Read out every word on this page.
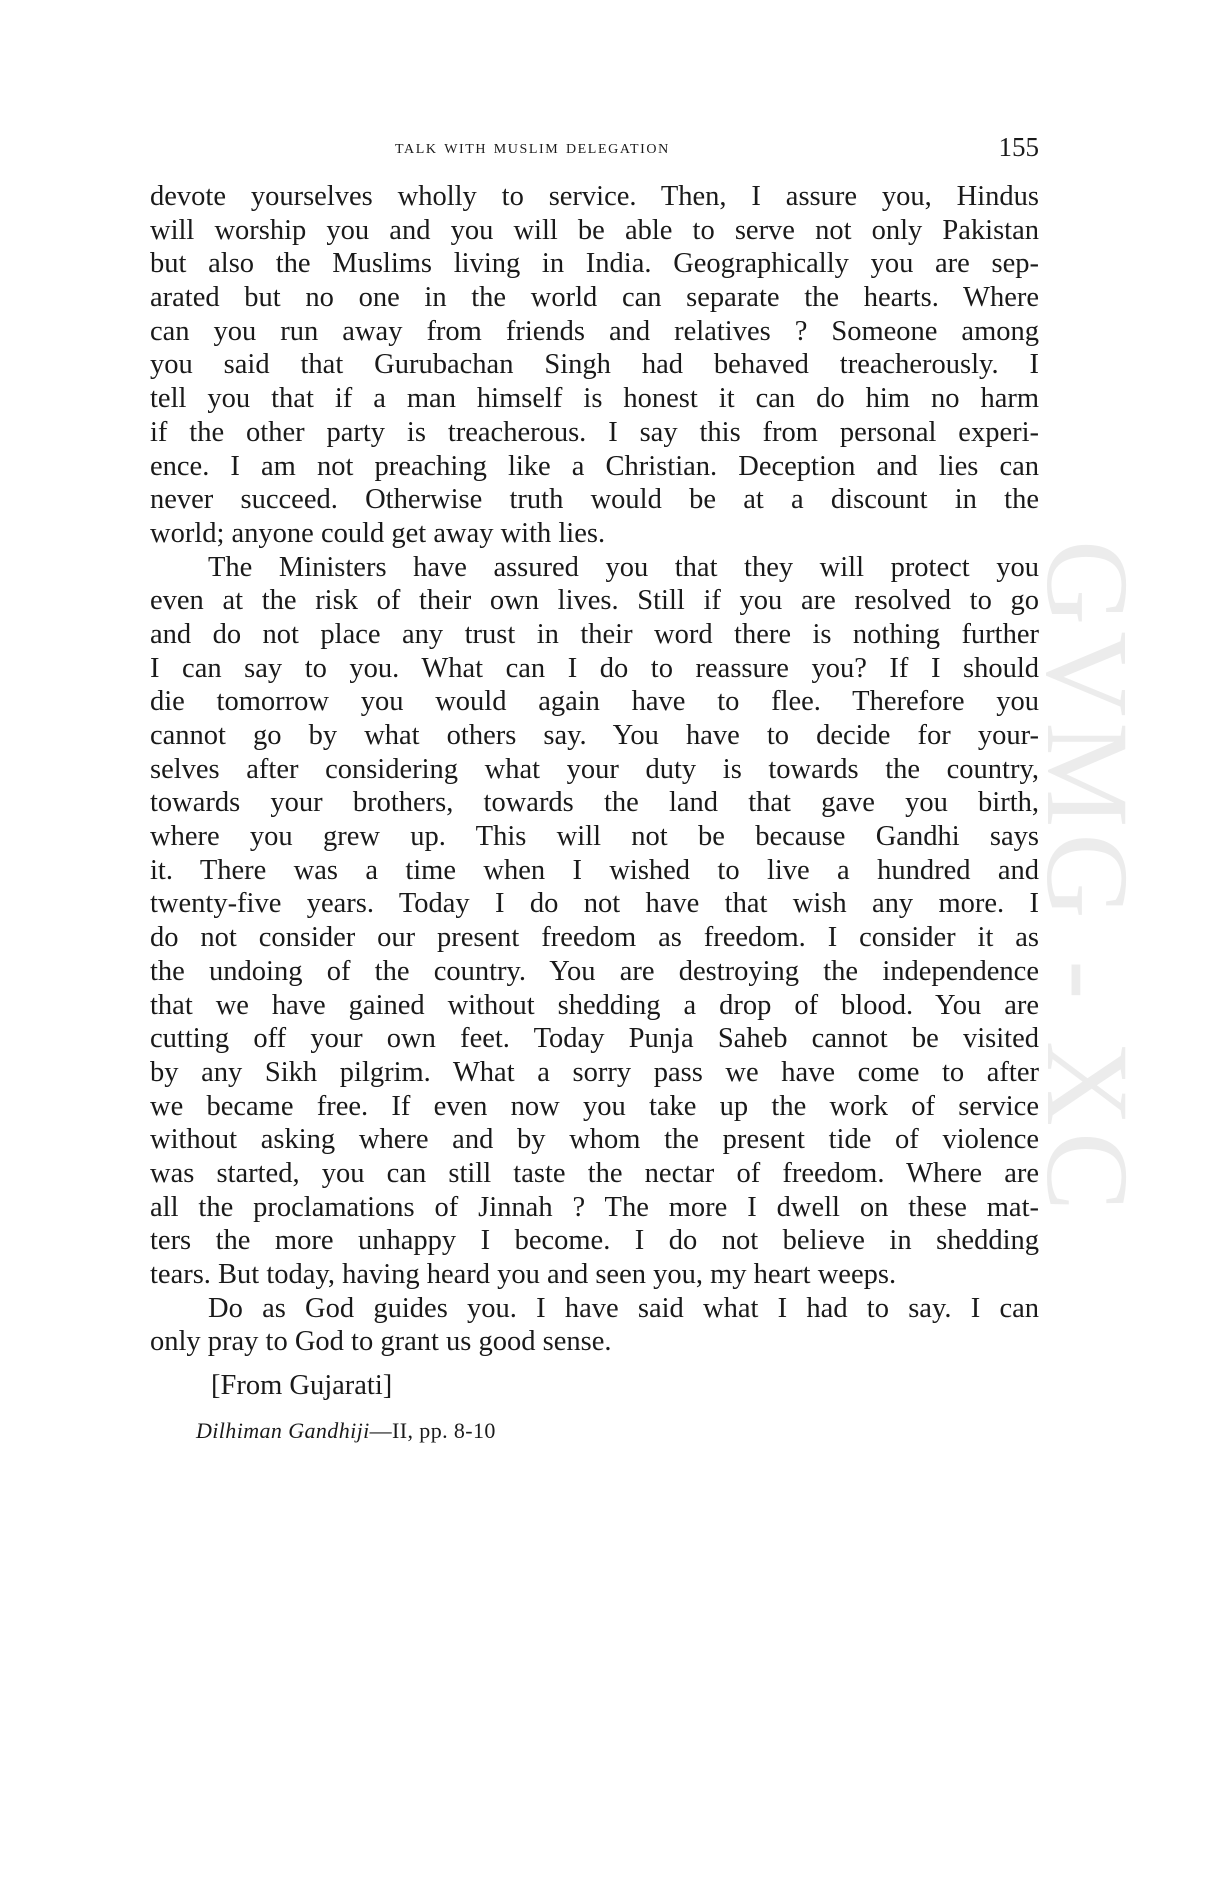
talk with muslim delegation	155
GVMG - XC
devote yourselves wholly to service. Then, I assure you, Hindus
will worship you and you will be able to serve not only Pakistan
but also the Muslims living in India. Geographically you are sep-
arated but no one in the world can separate the hearts. Where
can you run away from friends and relatives ? Someone among
you said that Gurubachan Singh had behaved treacherously. I
tell you that if a man himself is honest it can do him no harm
if the other party is treacherous. I say this from personal experi-
ence. I am not preaching like a Christian. Deception and lies can
never succeed. Otherwise truth would be at a discount in the
world; anyone could get away with lies.
The Ministers have assured you that they will protect you
even at the risk of their own lives. Still if you are resolved to go
and do not place any trust in their word there is nothing further
I can say to you. What can I do to reassure you? If I should
die tomorrow you would again have to flee. Therefore you
cannot go by what others say. You have to decide for your-
selves after considering what your duty is towards the country,
towards your brothers, towards the land that gave you birth,
where you grew up. This will not be because Gandhi says
it. There was a time when I wished to live a hundred and
twenty-five years. Today I do not have that wish any more. I
do not consider our present freedom as freedom. I consider it as
the undoing of the country. You are destroying the independence
that we have gained without shedding a drop of blood. You are
cutting off your own feet. Today Punja Saheb cannot be visited
by any Sikh pilgrim. What a sorry pass we have come to after
we became free. If even now you take up the work of service
without asking where and by whom the present tide of violence
was started, you can still taste the nectar of freedom. Where are
all the proclamations of Jinnah ? The more I dwell on these mat-
ters the more unhappy I become. I do not believe in shedding
tears. But today, having heard you and seen you, my heart weeps.
Do as God guides you. I have said what I had to say. I can
only pray to God to grant us good sense.
[From Gujarati]
Dilhiman Gandhiji—II, pp. 8-10
